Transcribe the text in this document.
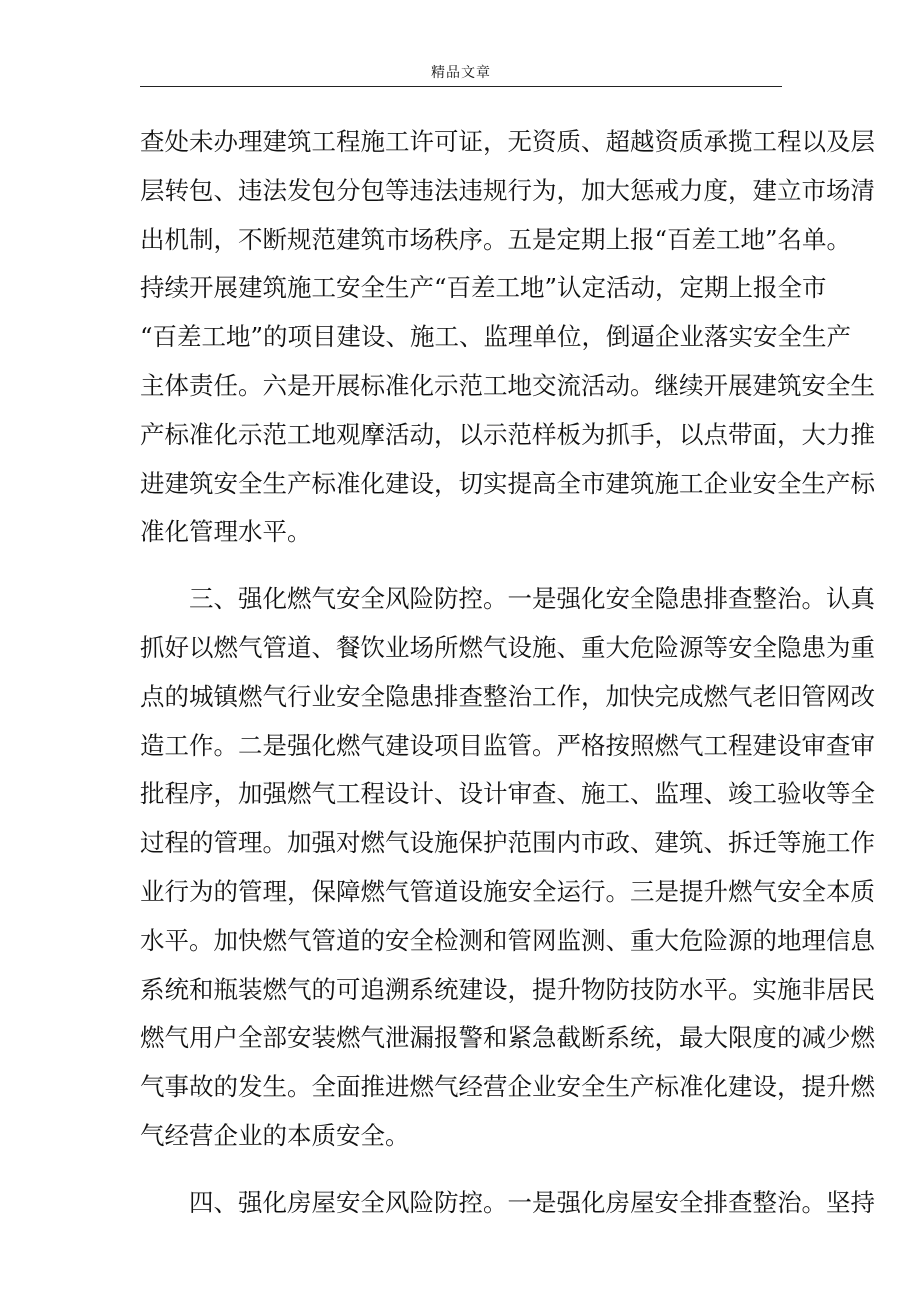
精品文章
查处未办理建筑工程施工许可证，无资质、超越资质承揽工程以及层
层转包、违法发包分包等违法违规行为，加大惩戒力度，建立市场清
出机制，不断规范建筑市场秩序。五是定期上报“百差工地”名单。
持续开展建筑施工安全生产“百差工地”认定活动，定期上报全市
“百差工地”的项目建设、施工、监理单位，倒逼企业落实安全生产
主体责任。六是开展标准化示范工地交流活动。继续开展建筑安全生
产标准化示范工地观摩活动，以示范样板为抓手，以点带面，大力推
进建筑安全生产标准化建设，切实提高全市建筑施工企业安全生产标
准化管理水平。
三、强化燃气安全风险防控。一是强化安全隐患排查整治。认真
抓好以燃气管道、餐饮业场所燃气设施、重大危险源等安全隐患为重
点的城镇燃气行业安全隐患排查整治工作，加快完成燃气老旧管网改
造工作。二是强化燃气建设项目监管。严格按照燃气工程建设审查审
批程序，加强燃气工程设计、设计审查、施工、监理、竣工验收等全
过程的管理。加强对燃气设施保护范围内市政、建筑、拆迁等施工作
业行为的管理，保障燃气管道设施安全运行。三是提升燃气安全本质
水平。加快燃气管道的安全检测和管网监测、重大危险源的地理信息
系统和瓶装燃气的可追溯系统建设，提升物防技防水平。实施非居民
燃气用户全部安装燃气泄漏报警和紧急截断系统，最大限度的减少燃
气事故的发生。全面推进燃气经营企业安全生产标准化建设，提升燃
气经营企业的本质安全。
四、强化房屋安全风险防控。一是强化房屋安全排查整治。坚持
